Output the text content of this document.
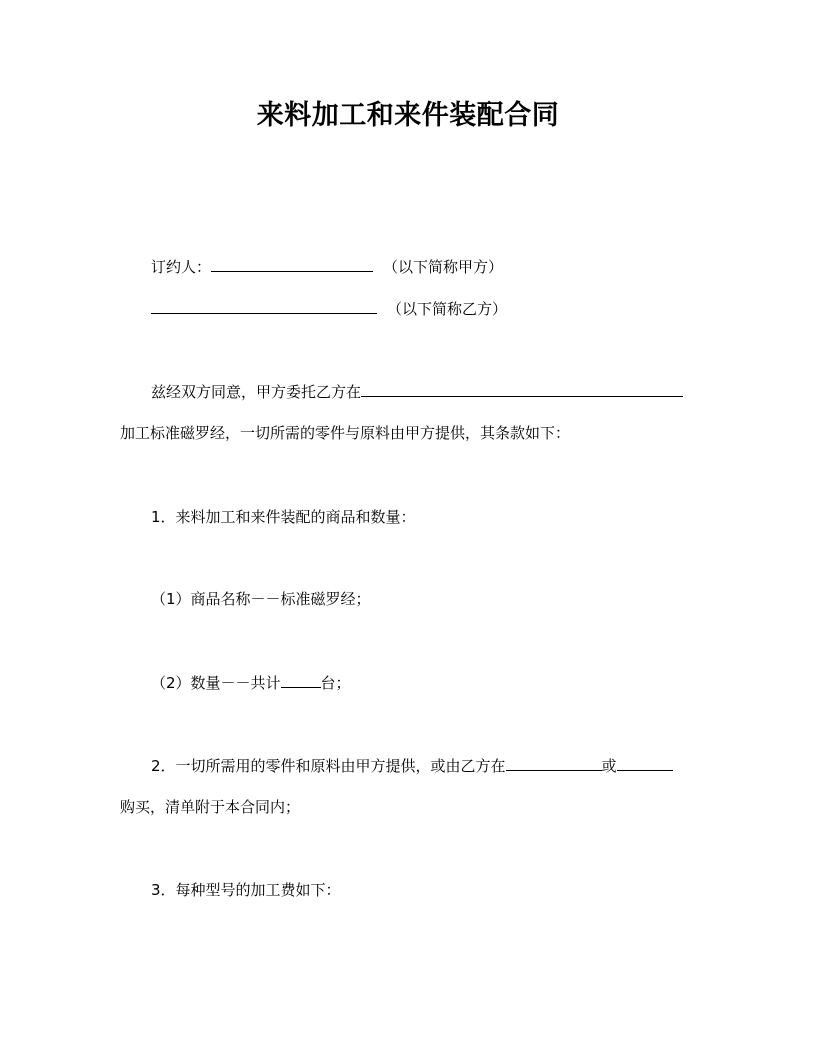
来料加工和来件装配合同
订约人：	（以下简称甲方）
（以下简称乙方）
兹经双方同意，甲方委托乙方在
加工标准磁罗经，一切所需的零件与原料由甲方提供，其条款如下：
1．来料加工和来件装配的商品和数量：
（1）商品名称－－标准磁罗经；
（2）数量－－共计	台；
2．一切所需用的零件和原料由甲方提供，或由乙方在	或
购买，清单附于本合同内；
3．每种型号的加工费如下：
